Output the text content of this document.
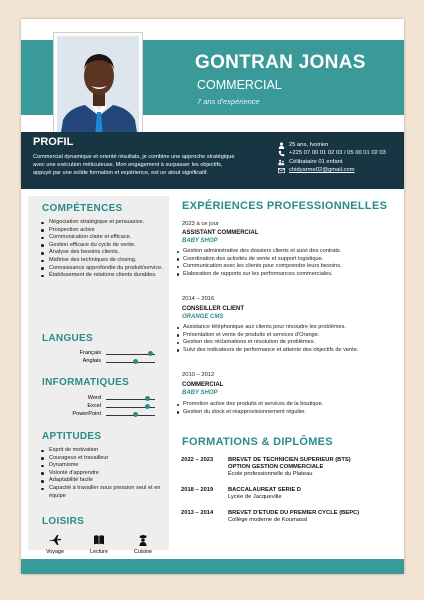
GONTRAN JONAS
COMMERCIAL
7 ans d'expérience
PROFIL
Commercial dynamique et orienté résultats, je combine une approche stratégique avec une exécution méticuleuse. Mon engagement à surpasser les objectifs, appuyé par une solide formation et expérience, est un atout significatif.
25 ans, Ivoirien
+225 07 00 01 02 03 / 05 00 01 02 03
Célibataire 01 enfant
chidyarme02@gmail.com
COMPÉTENCES
Négociation stratégique et persuasive.
Prospection active
Communication claire et efficace.
Gestion efficace du cycle de vente.
Analyse des besoins clients.
Maîtrise des techniques de closing.
Connaissance approfondie du produit/service.
Établissement de relations clients durables.
LANGUES
Français
Anglais
INFORMATIQUES
Word
Excel
PowerPoint
APTITUDES
Esprit de motivation
Courageux et travailleur
Dynamisme
Volonté d'apprendre
Adaptabilité facile
Capacité à travailler sous pression seul et en équipe
LOISIRS
Voyage	Lecture	Cuisine
EXPÉRIENCES PROFESSIONNELLES
2023 à ce jour
ASSISTANT COMMERCIAL
BABY SHOP
Gestion administrative des dossiers clients et suivi des contrats.
Coordination des activités de vente et support logistique.
Communication avec les clients pour comprendre leurs besoins.
Élaboration de rapports sur les performances commerciales.
2014 – 2016
CONSEILLER CLIENT
ORANGE CMS
Assistance téléphonique aux clients pour résoudre les problèmes.
Présentation et vente de produits et services d'Orange.
Gestion des réclamations et résolution de problèmes.
Suivi des indicateurs de performance et atteinte des objectifs de vente.
2010 – 2012
COMMERCIAL
BABY SHOP
Promotion active des produits et services de la boutique.
Gestion du stock et réapprovisionnement régulier.
FORMATIONS & DIPLÔMES
2022 – 2023	BREVET DE TECHNICIEN SUPERIEUR (BTS)
OPTION GESTION COMMERCIALE
École professionnelle du Plateau
2018 – 2019	BACCALAUREAT SERIE D
Lycée de Jacqueville
2013 – 2014	BREVET D'ETUDE DU PREMIER CYCLE (BEPC)
Collège moderne de Koumassi
